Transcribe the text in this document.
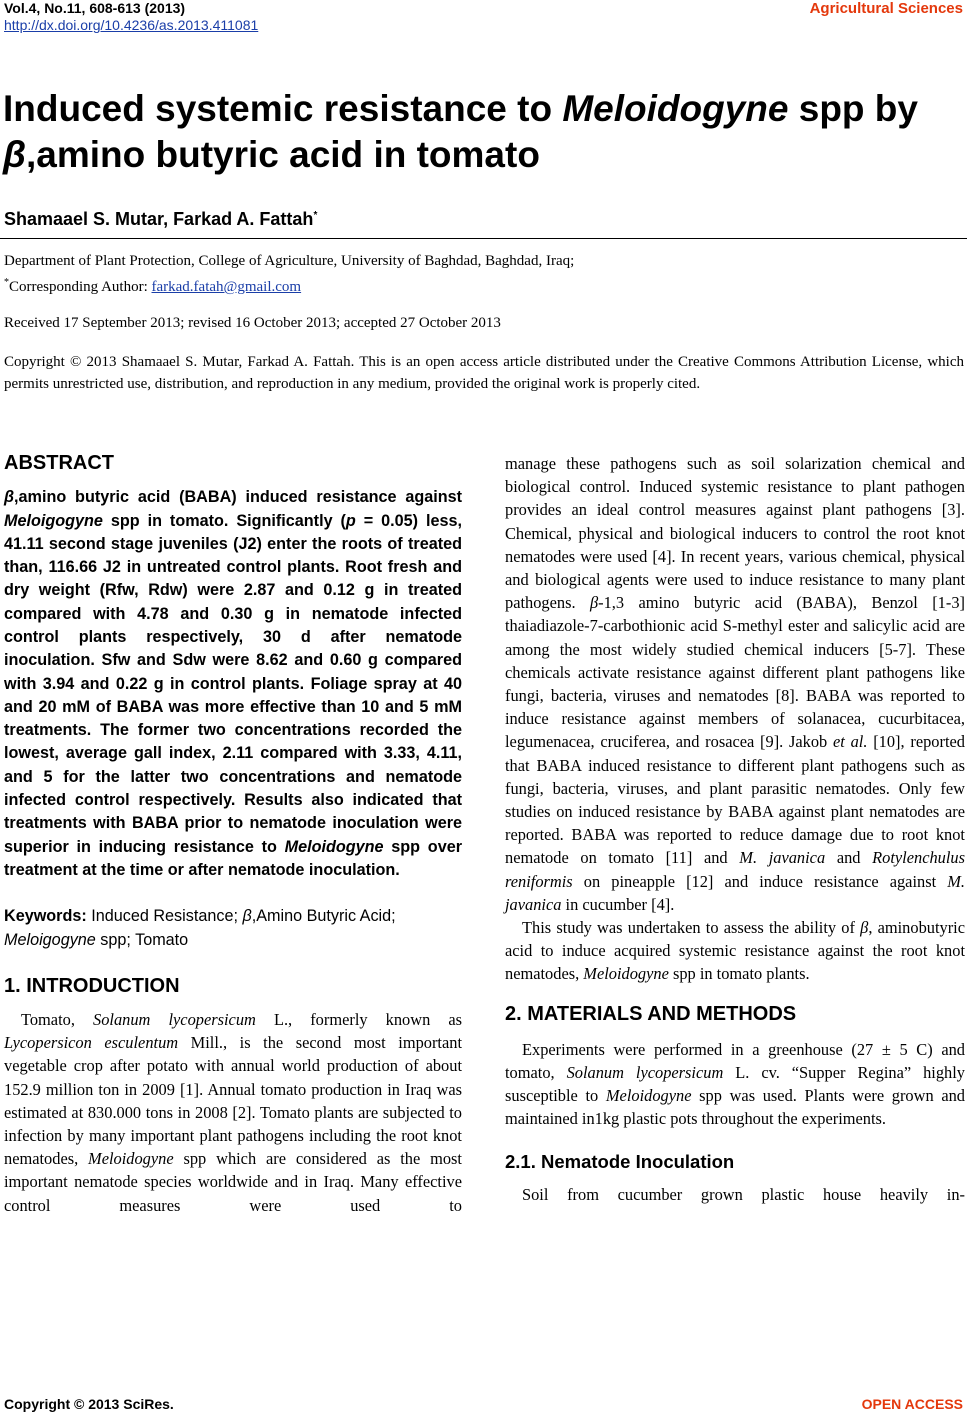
Vol.4, No.11, 608-613 (2013)
http://dx.doi.org/10.4236/as.2013.411081
Agricultural Sciences
Induced systemic resistance to Meloidogyne spp by
β,amino butyric acid in tomato
Shamaael S. Mutar, Farkad A. Fattah*
Department of Plant Protection, College of Agriculture, University of Baghdad, Baghdad, Iraq;
*Corresponding Author: farkad.fatah@gmail.com
Received 17 September 2013; revised 16 October 2013; accepted 27 October 2013
Copyright © 2013 Shamaael S. Mutar, Farkad A. Fattah. This is an open access article distributed under the Creative Commons Attribution License, which permits unrestricted use, distribution, and reproduction in any medium, provided the original work is properly cited.
ABSTRACT

β,amino butyric acid (BABA) induced resistance against Meloigogyne spp in tomato. Significantly (p = 0.05) less, 41.11 second stage juveniles (J2) enter the roots of treated than, 116.66 J2 in untreated control plants. Root fresh and dry weight (Rfw, Rdw) were 2.87 and 0.12 g in treated compared with 4.78 and 0.30 g in nematode infected control plants respectively, 30 d after nematode inoculation. Sfw and Sdw were 8.62 and 0.60 g compared with 3.94 and 0.22 g in control plants. Foliage spray at 40 and 20 mM of BABA was more effective than 10 and 5 mM treatments. The former two concentrations recorded the lowest, average gall index, 2.11 compared with 3.33, 4.11, and 5 for the latter two concentrations and nematode infected control respectively. Results also indicated that treatments with BABA prior to nematode inoculation were superior in inducing resistance to Meloidogyne spp over treatment at the time or after nematode inoculation.

Keywords: Induced Resistance; β,Amino Butyric Acid; Meloigogyne spp; Tomato

1. INTRODUCTION

Tomato, Solanum lycopersicum L., formerly known as Lycopersicon esculentum Mill., is the second most important vegetable crop after potato with annual world production of about 152.9 million ton in 2009 [1]. Annual tomato production in Iraq was estimated at 830.000 tons in 2008 [2]. Tomato plants are subjected to infection by many important plant pathogens including the root knot nematodes, Meloidogyne spp which are considered as the most important nematode species worldwide and in Iraq. Many effective control measures were used to

manage these pathogens such as soil solarization chemical and biological control. Induced systemic resistance to plant pathogen provides an ideal control measures against plant pathogens [3]. Chemical, physical and biological inducers to control the root knot nematodes were used [4]. In recent years, various chemical, physical and biological agents were used to induce resistance to many plant pathogens. β-1,3 amino butyric acid (BABA), Benzol [1-3] thaiadiazole-7-carbothionic acid S-methyl ester and salicylic acid are among the most widely studied chemical inducers [5-7]. These chemicals activate resistance against different plant pathogens like fungi, bacteria, viruses and nematodes [8]. BABA was reported to induce resistance against members of solanacea, cucurbitacea, legumenacea, cruciferea, and rosacea [9]. Jakob et al. [10], reported that BABA induced resistance to different plant pathogens such as fungi, bacteria, viruses, and plant parasitic nematodes. Only few studies on induced resistance by BABA against plant nematodes are reported. BABA was reported to reduce damage due to root knot nematode on tomato [11] and M. javanica and Rotylenchulus reniformis on pineapple [12] and induce resistance against M. javanica in cucumber [4].

This study was undertaken to assess the ability of β, aminobutyric acid to induce acquired systemic resistance against the root knot nematodes, Meloidogyne spp in tomato plants.

2. MATERIALS AND METHODS

Experiments were performed in a greenhouse (27 ± 5 C) and tomato, Solanum lycopersicum L. cv. “Supper Regina” highly susceptible to Meloidogyne spp was used. Plants were grown and maintained in1kg plastic pots throughout the experiments.

2.1. Nematode Inoculation

Soil from cucumber grown plastic house heavily in-

Copyright © 2013 SciRes.	OPEN ACCESS
